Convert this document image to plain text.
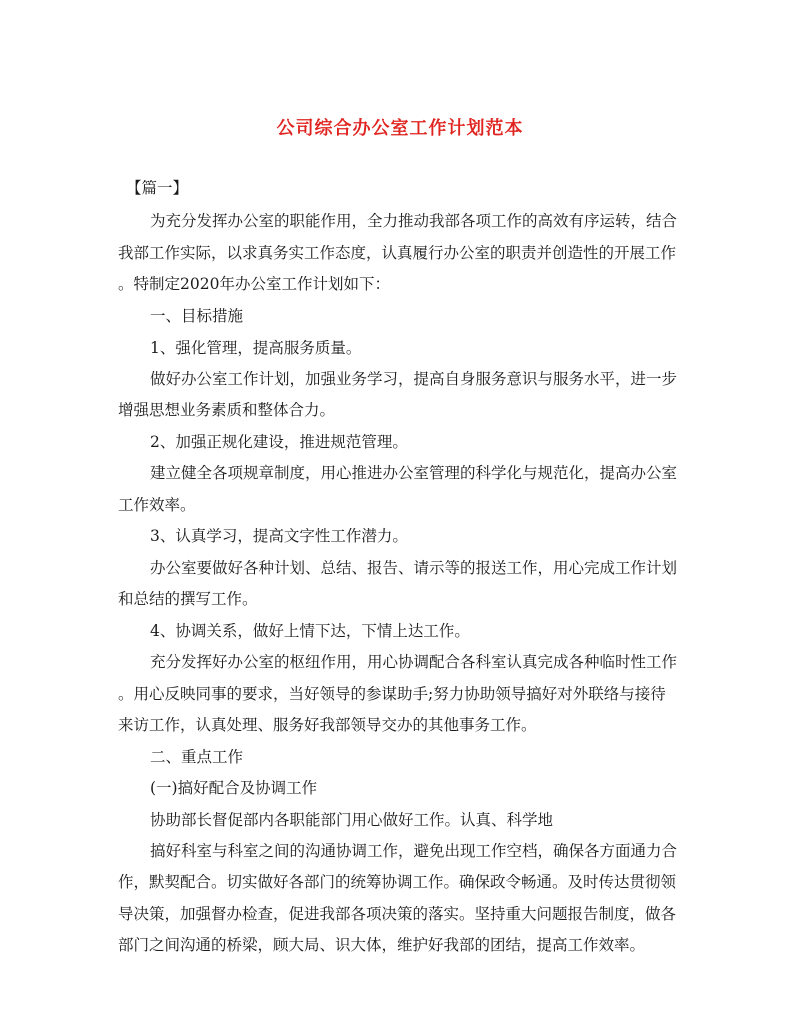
公司综合办公室工作计划范本
【篇一】
为充分发挥办公室的职能作用，全力推动我部各项工作的高效有序运转，结合
我部工作实际，以求真务实工作态度，认真履行办公室的职责并创造性的开展工作
。特制定2020年办公室工作计划如下：
一、目标措施
1、强化管理，提高服务质量。
做好办公室工作计划，加强业务学习，提高自身服务意识与服务水平，进一步
增强思想业务素质和整体合力。
2、加强正规化建设，推进规范管理。
建立健全各项规章制度，用心推进办公室管理的科学化与规范化，提高办公室
工作效率。
3、认真学习，提高文字性工作潜力。
办公室要做好各种计划、总结、报告、请示等的报送工作，用心完成工作计划
和总结的撰写工作。
4、协调关系，做好上情下达，下情上达工作。
充分发挥好办公室的枢纽作用，用心协调配合各科室认真完成各种临时性工作
。用心反映同事的要求，当好领导的参谋助手;努力协助领导搞好对外联络与接待
来访工作，认真处理、服务好我部领导交办的其他事务工作。
二、重点工作
(一)搞好配合及协调工作
协助部长督促部内各职能部门用心做好工作。认真、科学地
搞好科室与科室之间的沟通协调工作，避免出现工作空档，确保各方面通力合
作，默契配合。切实做好各部门的统筹协调工作。确保政令畅通。及时传达贯彻领
导决策，加强督办检查，促进我部各项决策的落实。坚持重大问题报告制度，做各
部门之间沟通的桥梁，顾大局、识大体，维护好我部的团结，提高工作效率。
